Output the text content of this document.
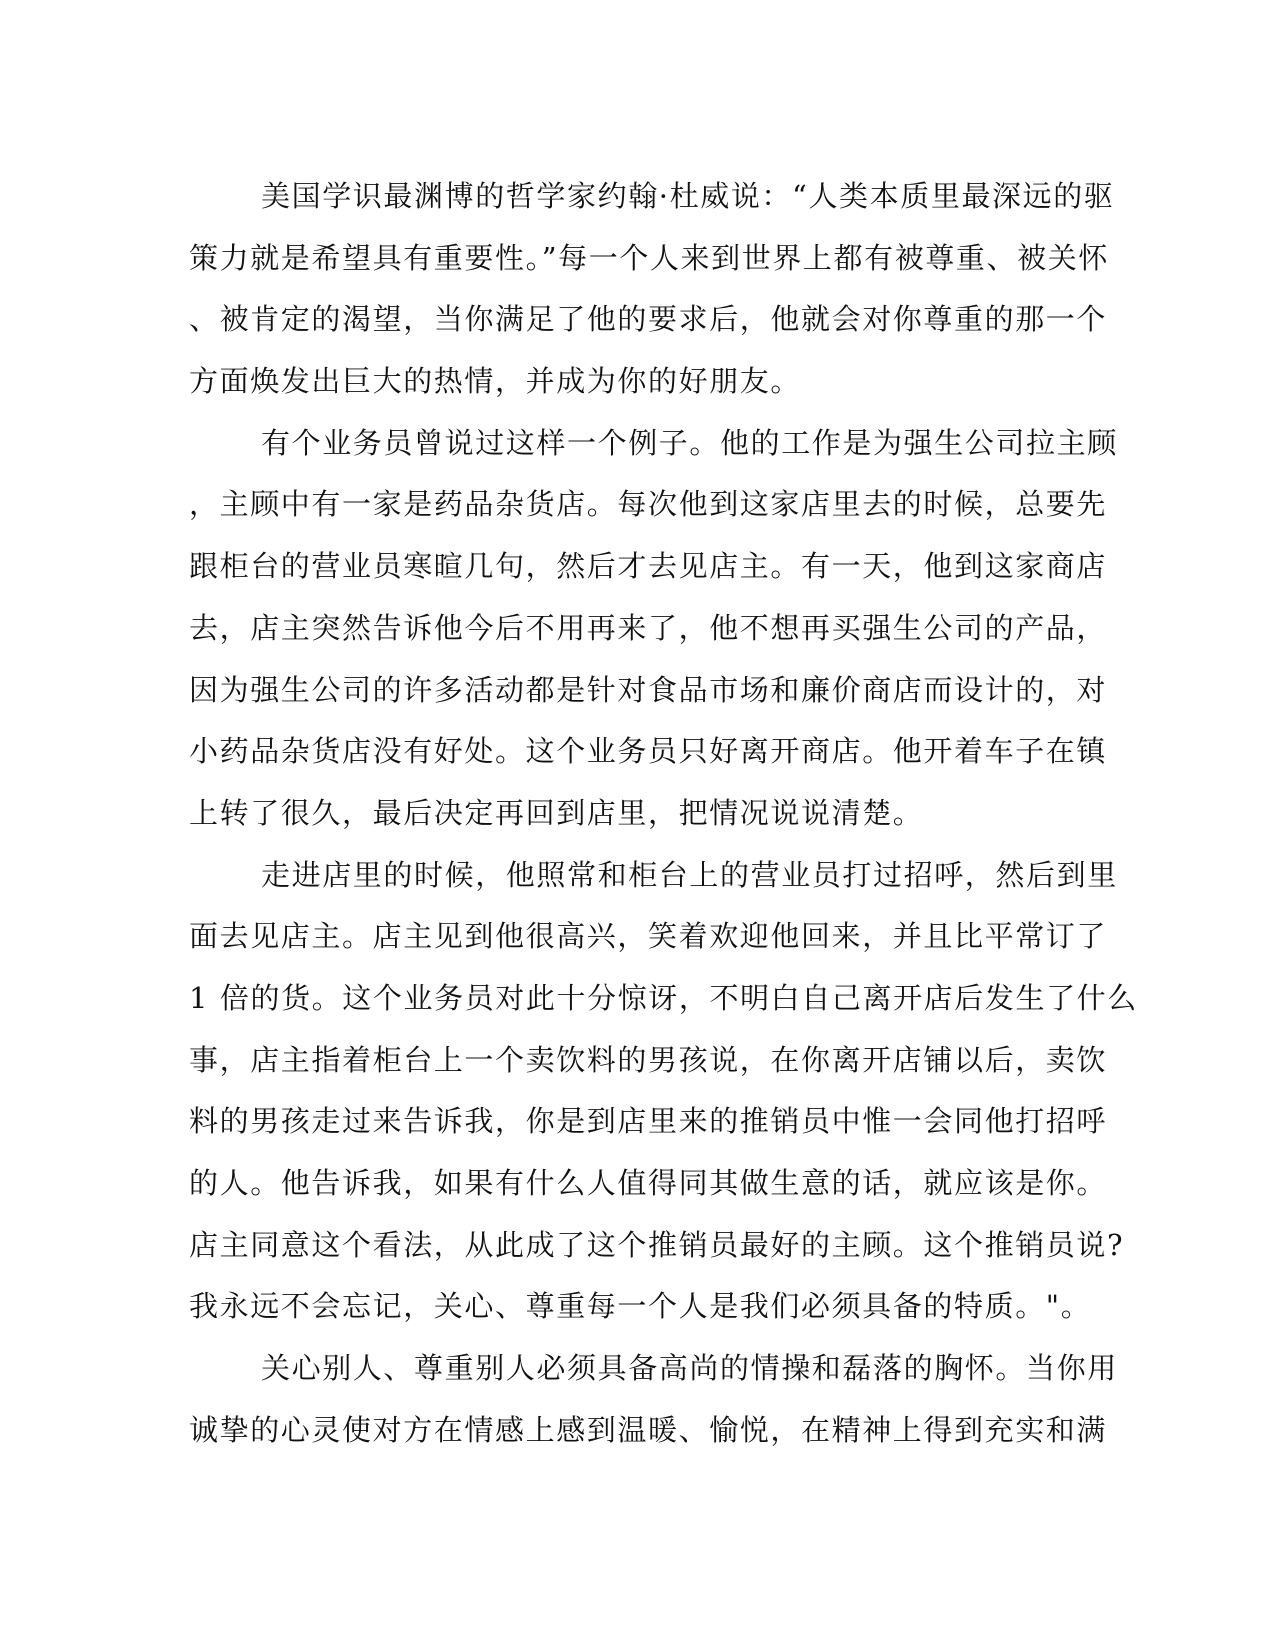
美国学识最渊博的哲学家约翰·杜威说：“人类本质里最深远的驱
策力就是希望具有重要性。”每一个人来到世界上都有被尊重、被关怀
、被肯定的渴望，当你满足了他的要求后，他就会对你尊重的那一个
方面焕发出巨大的热情，并成为你的好朋友。
有个业务员曾说过这样一个例子。他的工作是为强生公司拉主顾
，主顾中有一家是药品杂货店。每次他到这家店里去的时候，总要先
跟柜台的营业员寒暄几句，然后才去见店主。有一天，他到这家商店
去，店主突然告诉他今后不用再来了，他不想再买强生公司的产品，
因为强生公司的许多活动都是针对食品市场和廉价商店而设计的，对
小药品杂货店没有好处。这个业务员只好离开商店。他开着车子在镇
上转了很久，最后决定再回到店里，把情况说说清楚。
走进店里的时候，他照常和柜台上的营业员打过招呼，然后到里
面去见店主。店主见到他很高兴，笑着欢迎他回来，并且比平常订了
1 倍的货。这个业务员对此十分惊讶，不明白自己离开店后发生了什么
事，店主指着柜台上一个卖饮料的男孩说，在你离开店铺以后，卖饮
料的男孩走过来告诉我，你是到店里来的推销员中惟一会同他打招呼
的人。他告诉我，如果有什么人值得同其做生意的话，就应该是你。
店主同意这个看法，从此成了这个推销员最好的主顾。这个推销员说?
我永远不会忘记，关心、尊重每一个人是我们必须具备的特质。"。
关心别人、尊重别人必须具备高尚的情操和磊落的胸怀。当你用
诚挚的心灵使对方在情感上感到温暖、愉悦，在精神上得到充实和满
